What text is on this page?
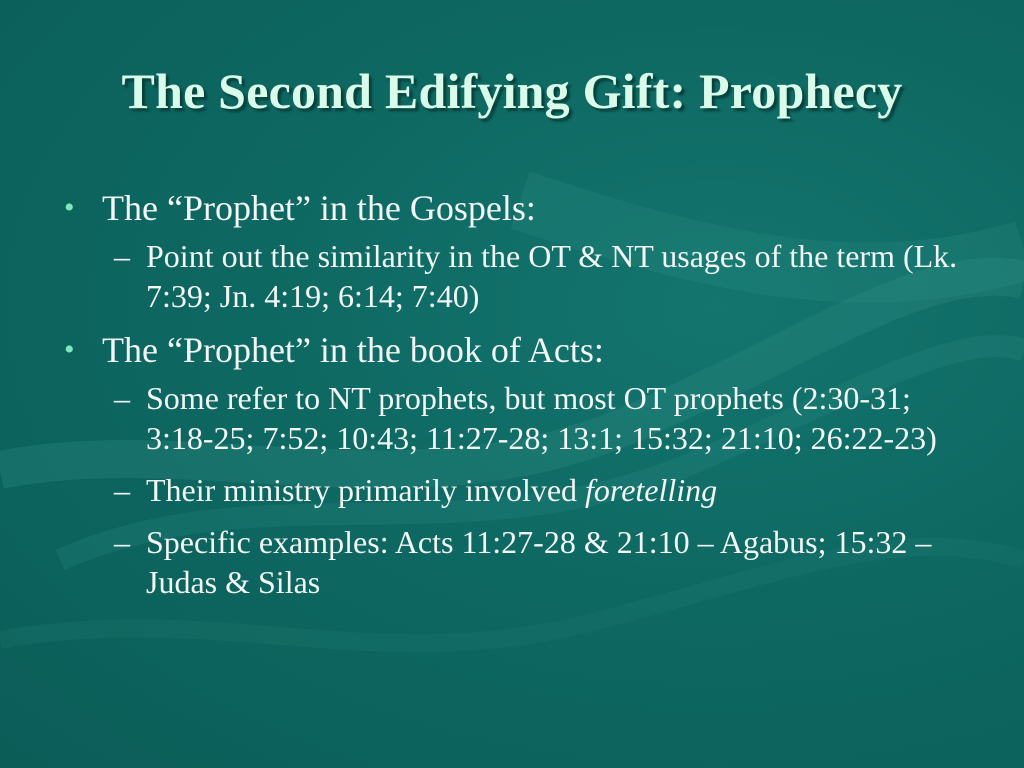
The Second Edifying Gift: Prophecy
• The “Prophet” in the Gospels:
– Point out the similarity in the OT & NT usages of the term (Lk. 7:39; Jn. 4:19; 6:14; 7:40)
• The “Prophet” in the book of Acts:
– Some refer to NT prophets, but most OT prophets (2:30-31; 3:18-25; 7:52; 10:43; 11:27-28; 13:1; 15:32; 21:10; 26:22-23)
– Their ministry primarily involved foretelling
– Specific examples: Acts 11:27-28 & 21:10 – Agabus; 15:32 – Judas & Silas
